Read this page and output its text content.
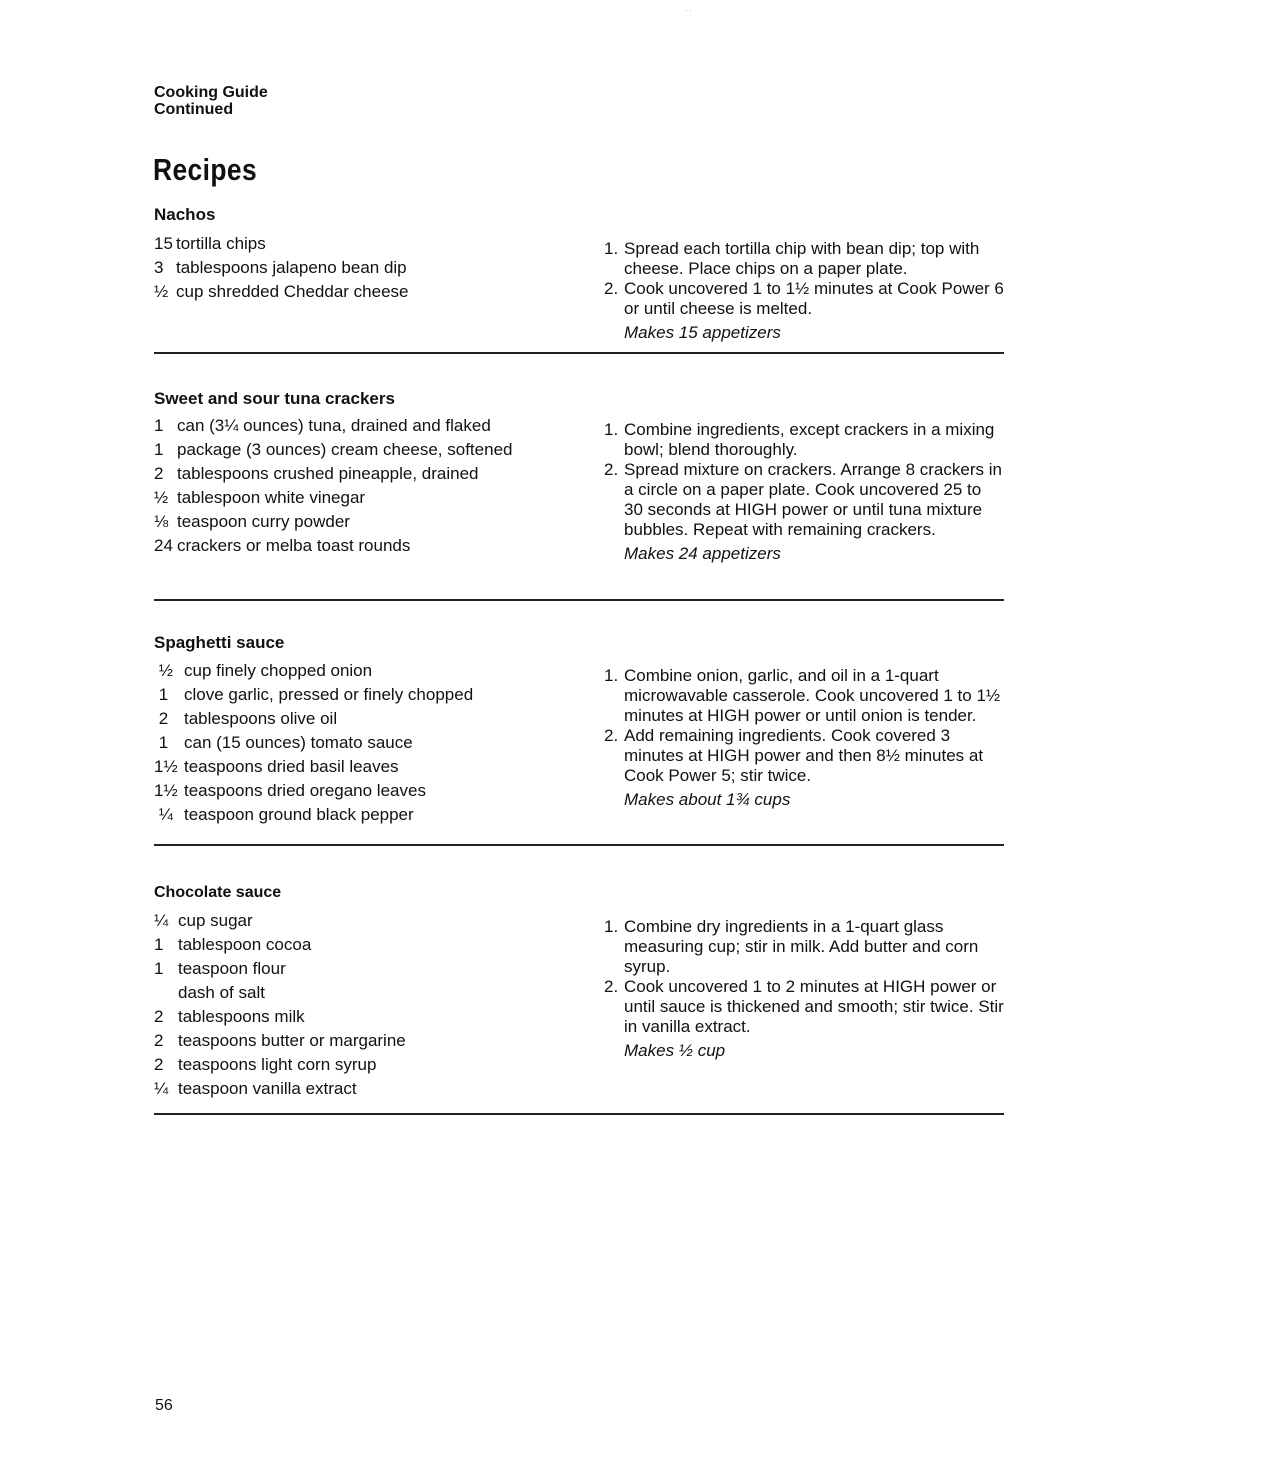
. .
Cooking Guide
Continued
Recipes
Nachos
15 tortilla chips
3 tablespoons jalapeno bean dip
½ cup shredded Cheddar cheese
1. Spread each tortilla chip with bean dip; top with cheese. Place chips on a paper plate.
2. Cook uncovered 1 to 1½ minutes at Cook Power 6 or until cheese is melted.
Makes 15 appetizers
Sweet and sour tuna crackers
1 can (3¼ ounces) tuna, drained and flaked
1 package (3 ounces) cream cheese, softened
2 tablespoons crushed pineapple, drained
½ tablespoon white vinegar
⅛ teaspoon curry powder
24 crackers or melba toast rounds
1. Combine ingredients, except crackers in a mixing bowl; blend thoroughly.
2. Spread mixture on crackers. Arrange 8 crackers in a circle on a paper plate. Cook uncovered 25 to 30 seconds at HIGH power or until tuna mixture bubbles. Repeat with remaining crackers.
Makes 24 appetizers
Spaghetti sauce
½ cup finely chopped onion
1 clove garlic, pressed or finely chopped
2 tablespoons olive oil
1 can (15 ounces) tomato sauce
1½ teaspoons dried basil leaves
1½ teaspoons dried oregano leaves
¼ teaspoon ground black pepper
1. Combine onion, garlic, and oil in a 1-quart microwavable casserole. Cook uncovered 1 to 1½ minutes at HIGH power or until onion is tender.
2. Add remaining ingredients. Cook covered 3 minutes at HIGH power and then 8½ minutes at Cook Power 5; stir twice.
Makes about 1¾ cups
Chocolate sauce
¼ cup sugar
1 tablespoon cocoa
1 teaspoon flour
dash of salt
2 tablespoons milk
2 teaspoons butter or margarine
2 teaspoons light corn syrup
¼ teaspoon vanilla extract
1. Combine dry ingredients in a 1-quart glass measuring cup; stir in milk. Add butter and corn syrup.
2. Cook uncovered 1 to 2 minutes at HIGH power or until sauce is thickened and smooth; stir twice. Stir in vanilla extract.
Makes ½ cup
56
